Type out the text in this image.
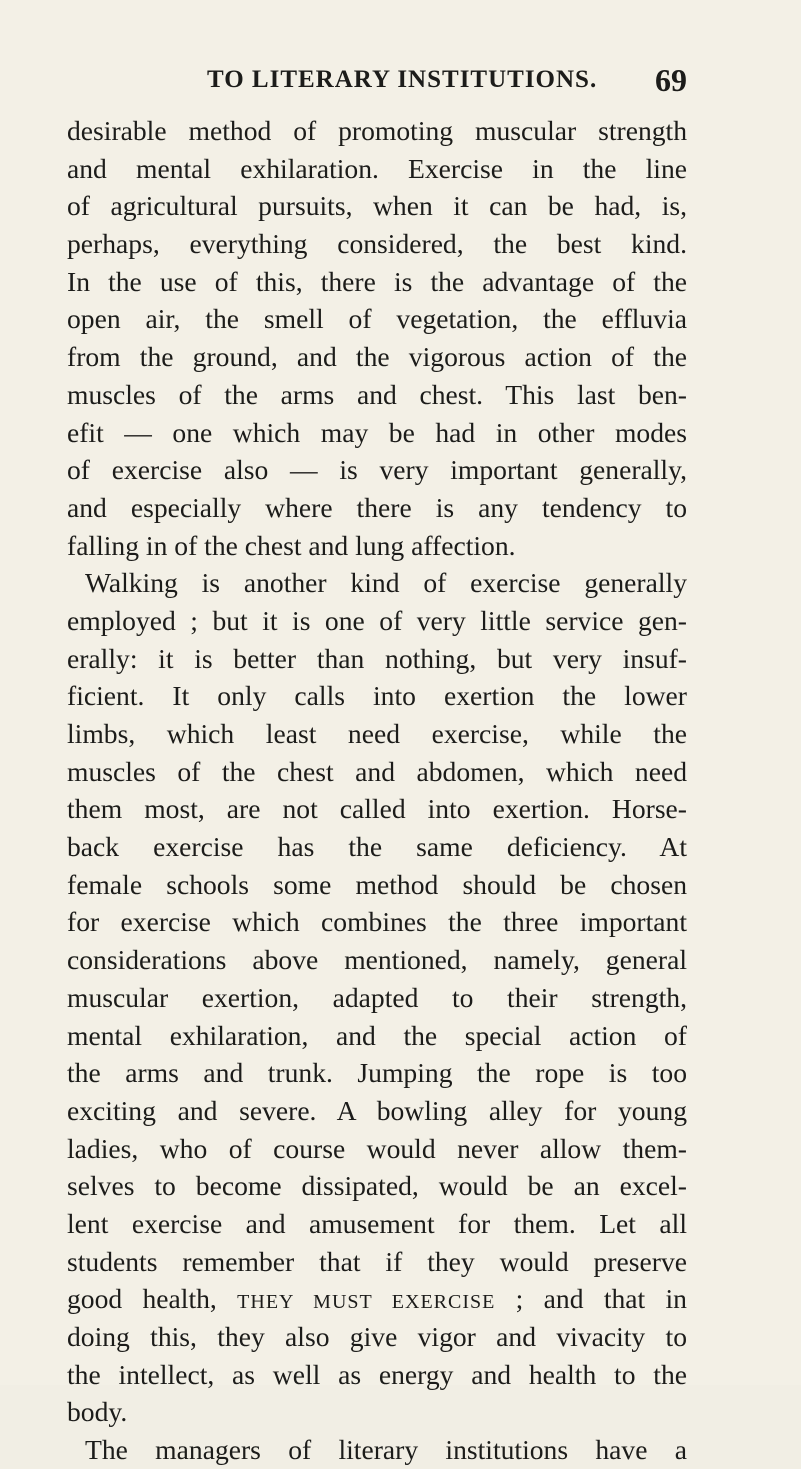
TO LITERARY INSTITUTIONS. 69
desirable method of promoting muscular strength
and mental exhilaration. Exercise in the line
of agricultural pursuits, when it can be had, is,
perhaps, everything considered, the best kind.
In the use of this, there is the advantage of the
open air, the smell of vegetation, the effluvia
from the ground, and the vigorous action of the
muscles of the arms and chest. This last ben-
efit — one which may be had in other modes
of exercise also — is very important generally,
and especially where there is any tendency to
falling in of the chest and lung affection.
Walking is another kind of exercise generally
employed ; but it is one of very little service gen-
erally: it is better than nothing, but very insuf-
ficient. It only calls into exertion the lower
limbs, which least need exercise, while the
muscles of the chest and abdomen, which need
them most, are not called into exertion. Horse-
back exercise has the same deficiency. At
female schools some method should be chosen
for exercise which combines the three important
considerations above mentioned, namely, general
muscular exertion, adapted to their strength,
mental exhilaration, and the special action of
the arms and trunk. Jumping the rope is too
exciting and severe. A bowling alley for young
ladies, who of course would never allow them-
selves to become dissipated, would be an excel-
lent exercise and amusement for them. Let all
students remember that if they would preserve
good health, THEY MUST EXERCISE ; and that in
doing this, they also give vigor and vivacity to
the intellect, as well as energy and health to the
body.
The managers of literary institutions have a
